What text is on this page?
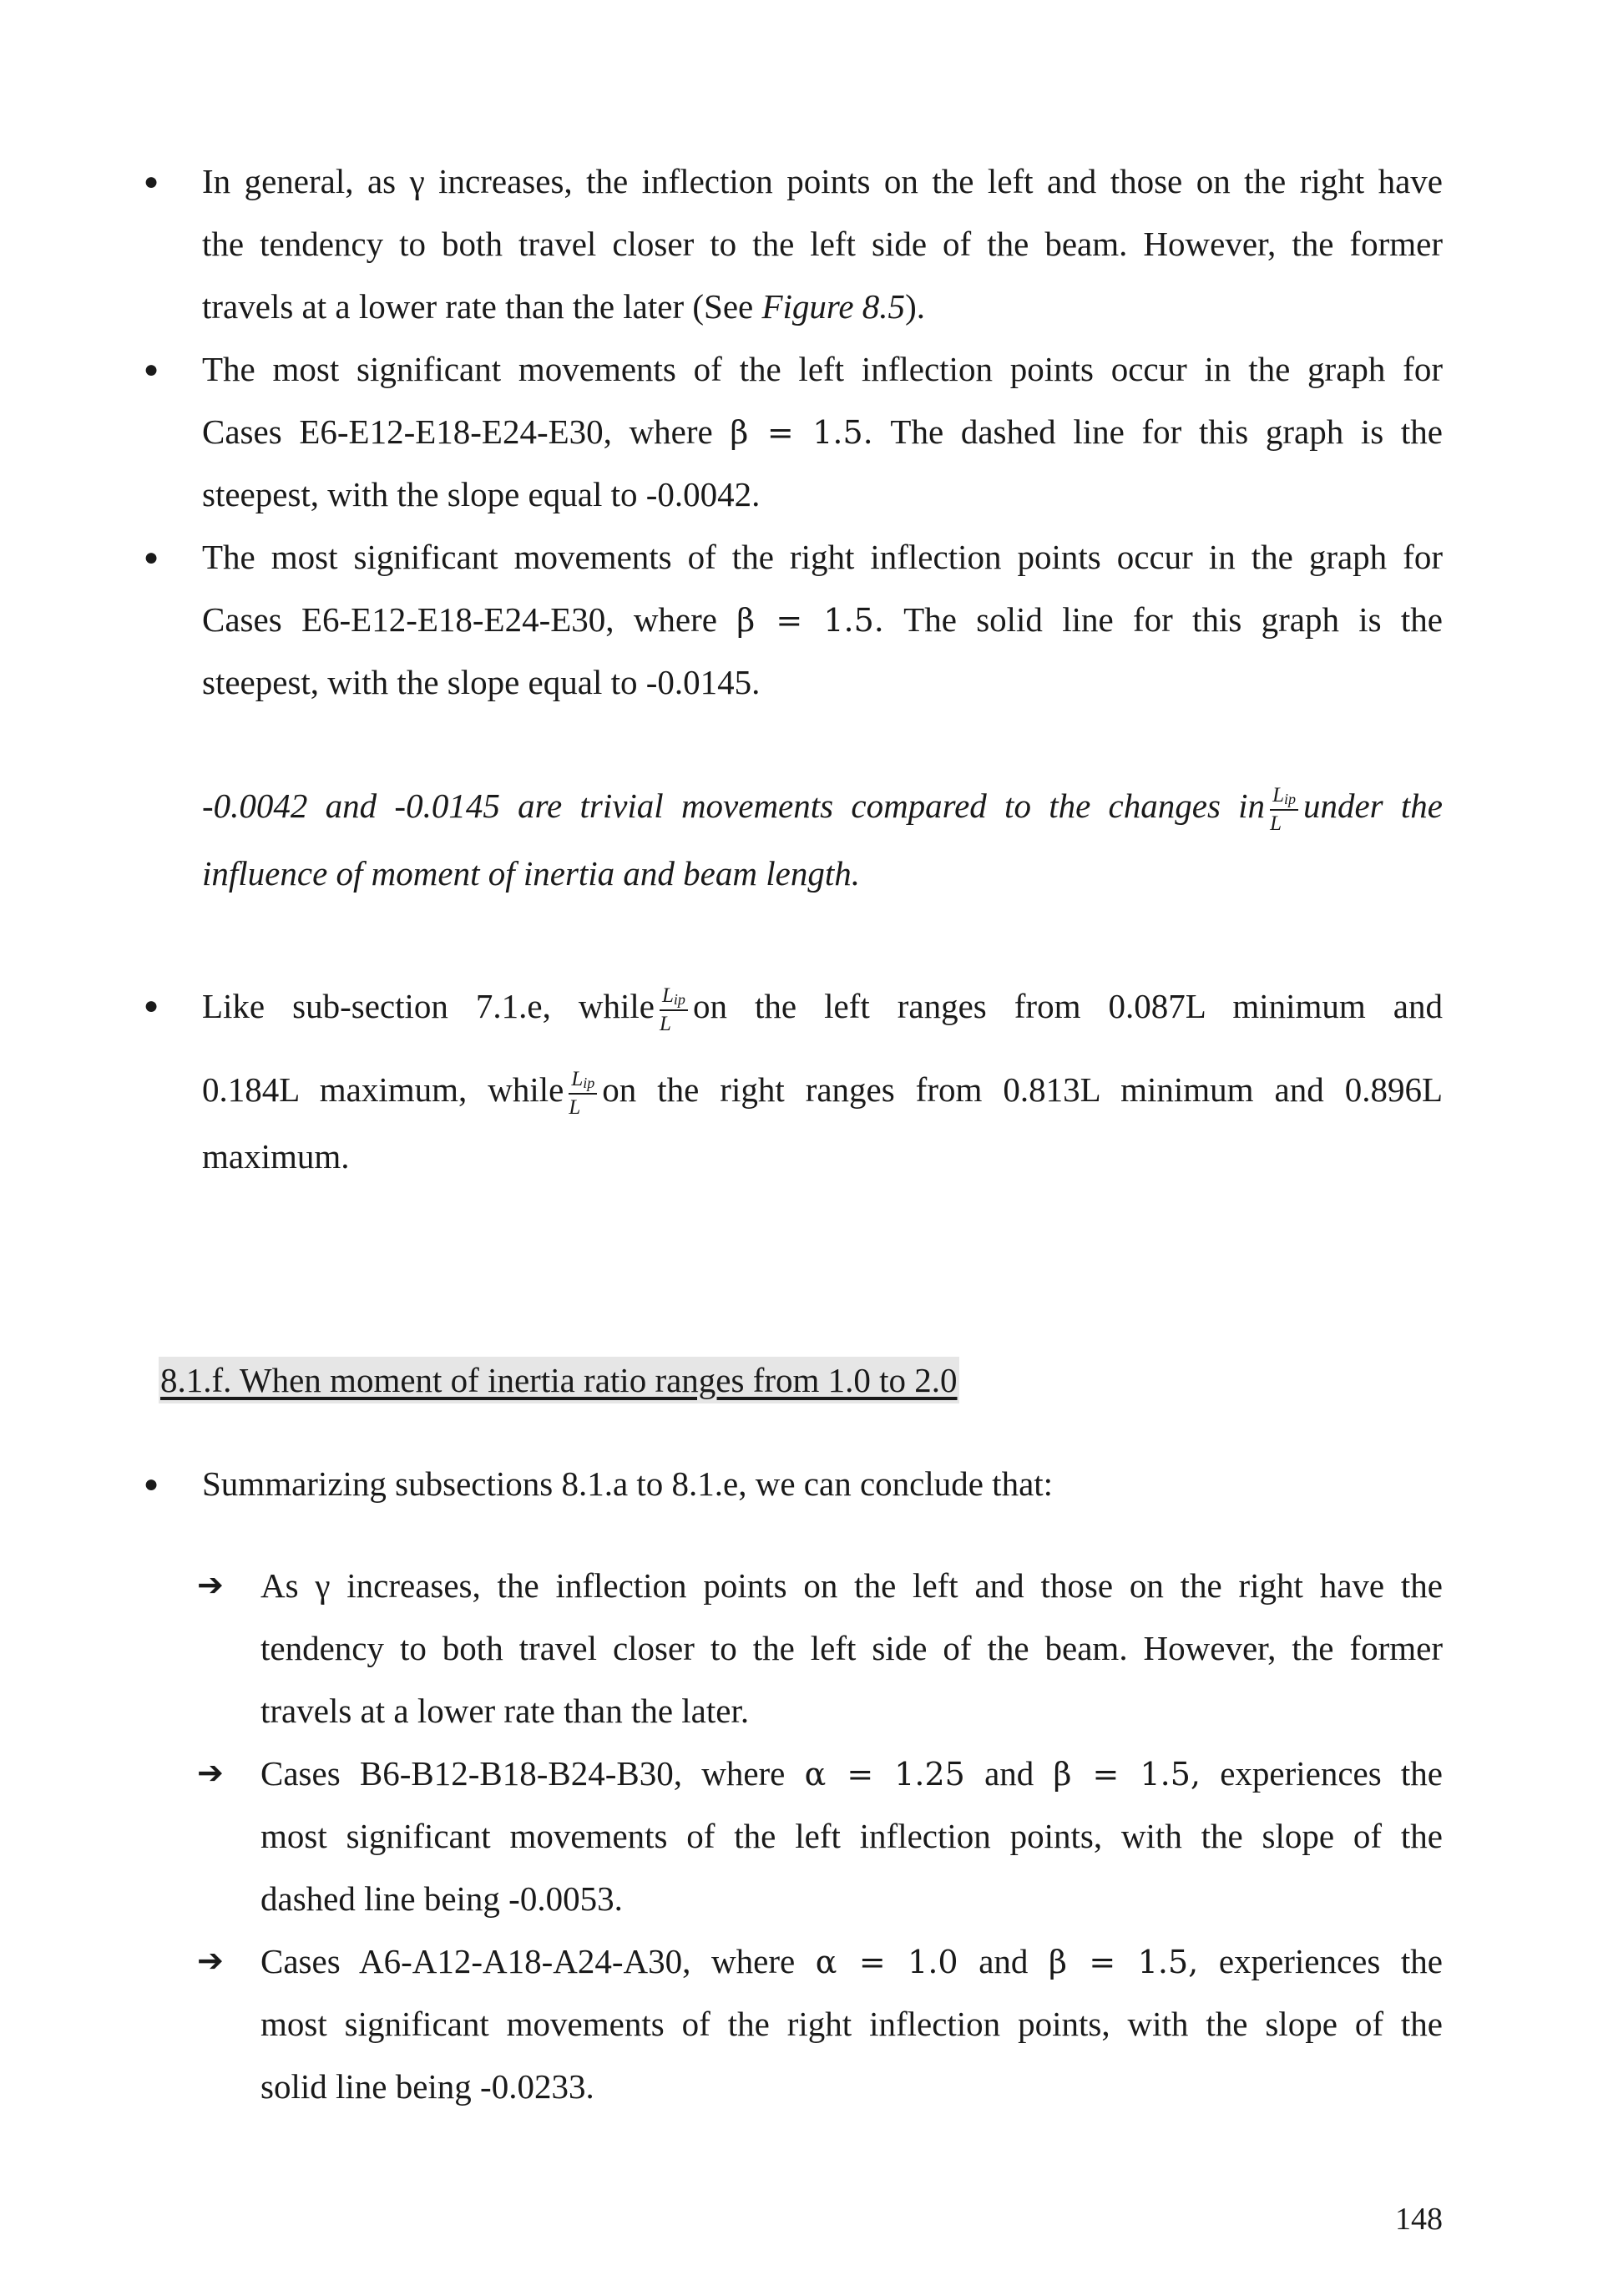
● In general, as γ increases, the inflection points on the left and those on the right have
the tendency to both travel closer to the left side of the beam. However, the former
travels at a lower rate than the later (See Figure 8.5).
● The most significant movements of the left inflection points occur in the graph for
Cases E6-E12-E18-E24-E30, where β = 1.5. The dashed line for this graph is the
steepest, with the slope equal to -0.0042.
● The most significant movements of the right inflection points occur in the graph for
Cases E6-E12-E18-E24-E30, where β = 1.5. The solid line for this graph is the
steepest, with the slope equal to -0.0145.
-0.0042 and -0.0145 are trivial movements compared to the changes in $\frac{L_{ip}}{L}$ under the
influence of moment of inertia and beam length.
● Like sub-section 7.1.e, while $\frac{L_{ip}}{L}$ on the left ranges from 0.087L minimum and
0.184L maximum, while $\frac{L_{ip}}{L}$ on the right ranges from 0.813L minimum and 0.896L
maximum.
8.1.f. When moment of inertia ratio ranges from 1.0 to 2.0
● Summarizing subsections 8.1.a to 8.1.e, we can conclude that:
➔ As γ increases, the inflection points on the left and those on the right have the
tendency to both travel closer to the left side of the beam. However, the former
travels at a lower rate than the later.
➔ Cases B6-B12-B18-B24-B30, where α = 1.25 and β = 1.5, experiences the
most significant movements of the left inflection points, with the slope of the
dashed line being -0.0053.
➔ Cases A6-A12-A18-A24-A30, where α = 1.0 and β = 1.5, experiences the
most significant movements of the right inflection points, with the slope of the
solid line being -0.0233.
148
